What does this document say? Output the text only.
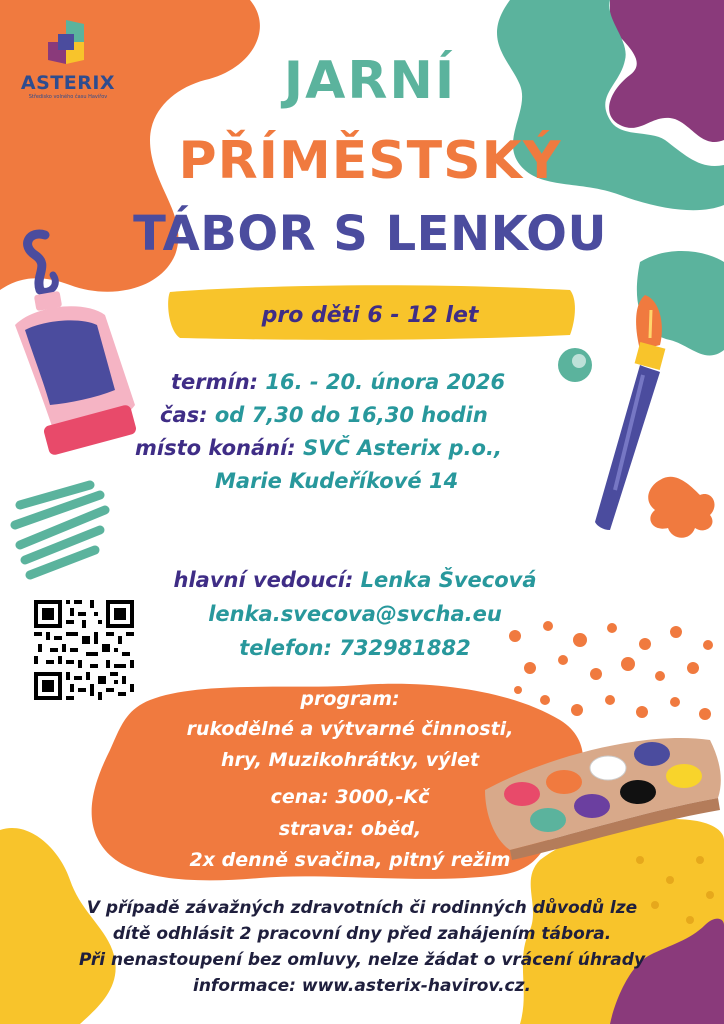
ASTERIX
Středisko volného času Havířov	JARNÍ
PŘÍMĚSTSKÝ
TÁBOR S LENKOU
pro děti 6 - 12 let
termín: 16. - 20. února 2026
čas: od 7,30 do 16,30 hodin
místo konání: SVČ Asterix p.o.,
Marie Kudeříkové 14
hlavní vedoucí: Lenka Švecová
lenka.svecova@svcha.eu
telefon: 732981882
program:
rukodělné a výtvarné činnosti,
hry, Muzikohrátky, výlet
cena: 3000,-Kč
strava: oběd,
2x denně svačina, pitný režim
V případě závažných zdravotních či rodinných důvodů lze
dítě odhlásit 2 pracovní dny před zahájením tábora.
Při nenastoupení bez omluvy, nelze žádat o vrácení úhrady
informace: www.asterix-havirov.cz.
